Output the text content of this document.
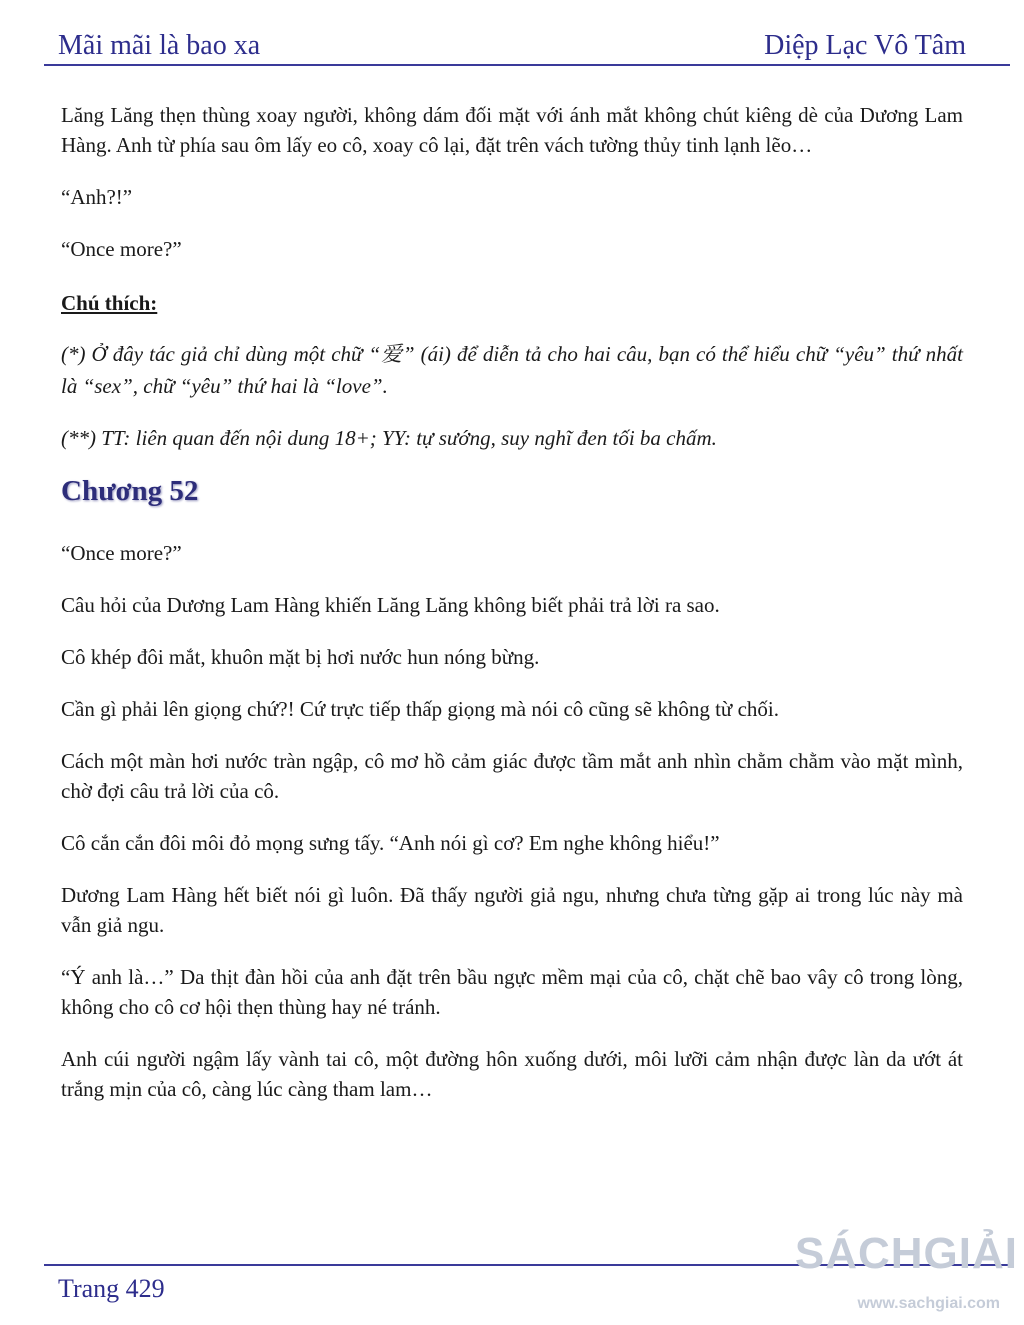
Mãi mãi là bao xa	Diệp Lạc Vô Tâm

Lăng Lăng thẹn thùng xoay người, không dám đối mặt với ánh mắt không chút kiêng dè của Dương Lam Hàng. Anh từ phía sau ôm lấy eo cô, xoay cô lại, đặt trên vách tường thủy tinh lạnh lẽo…

“Anh?!”

“Once more?”

Chú thích:

(*) Ở đây tác giả chỉ dùng một chữ “爱” (ái) để diễn tả cho hai câu, bạn có thể hiểu chữ “yêu” thứ nhất là “sex”, chữ “yêu” thứ hai là “love”.

(**) TT: liên quan đến nội dung 18+; YY: tự sướng, suy nghĩ đen tối ba chấm.

Chương 52

“Once more?”

Câu hỏi của Dương Lam Hàng khiến Lăng Lăng không biết phải trả lời ra sao.

Cô khép đôi mắt, khuôn mặt bị hơi nước hun nóng bừng.

Cần gì phải lên giọng chứ?! Cứ trực tiếp thấp giọng mà nói cô cũng sẽ không từ chối.

Cách một màn hơi nước tràn ngập, cô mơ hồ cảm giác được tầm mắt anh nhìn chằm chằm vào mặt mình, chờ đợi câu trả lời của cô.

Cô cắn cắn đôi môi đỏ mọng sưng tấy. “Anh nói gì cơ? Em nghe không hiểu!”

Dương Lam Hàng hết biết nói gì luôn. Đã thấy người giả ngu, nhưng chưa từng gặp ai trong lúc này mà vẫn giả ngu.

“Ý anh là…” Da thịt đàn hồi của anh đặt trên bầu ngực mềm mại của cô, chặt chẽ bao vây cô trong lòng, không cho cô cơ hội thẹn thùng hay né tránh.

Anh cúi người ngậm lấy vành tai cô, một đường hôn xuống dưới, môi lưỡi cảm nhận được làn da ướt át trắng mịn của cô, càng lúc càng tham lam…

Trang 429
SÁCHGIẢI
www.sachgiai.com
